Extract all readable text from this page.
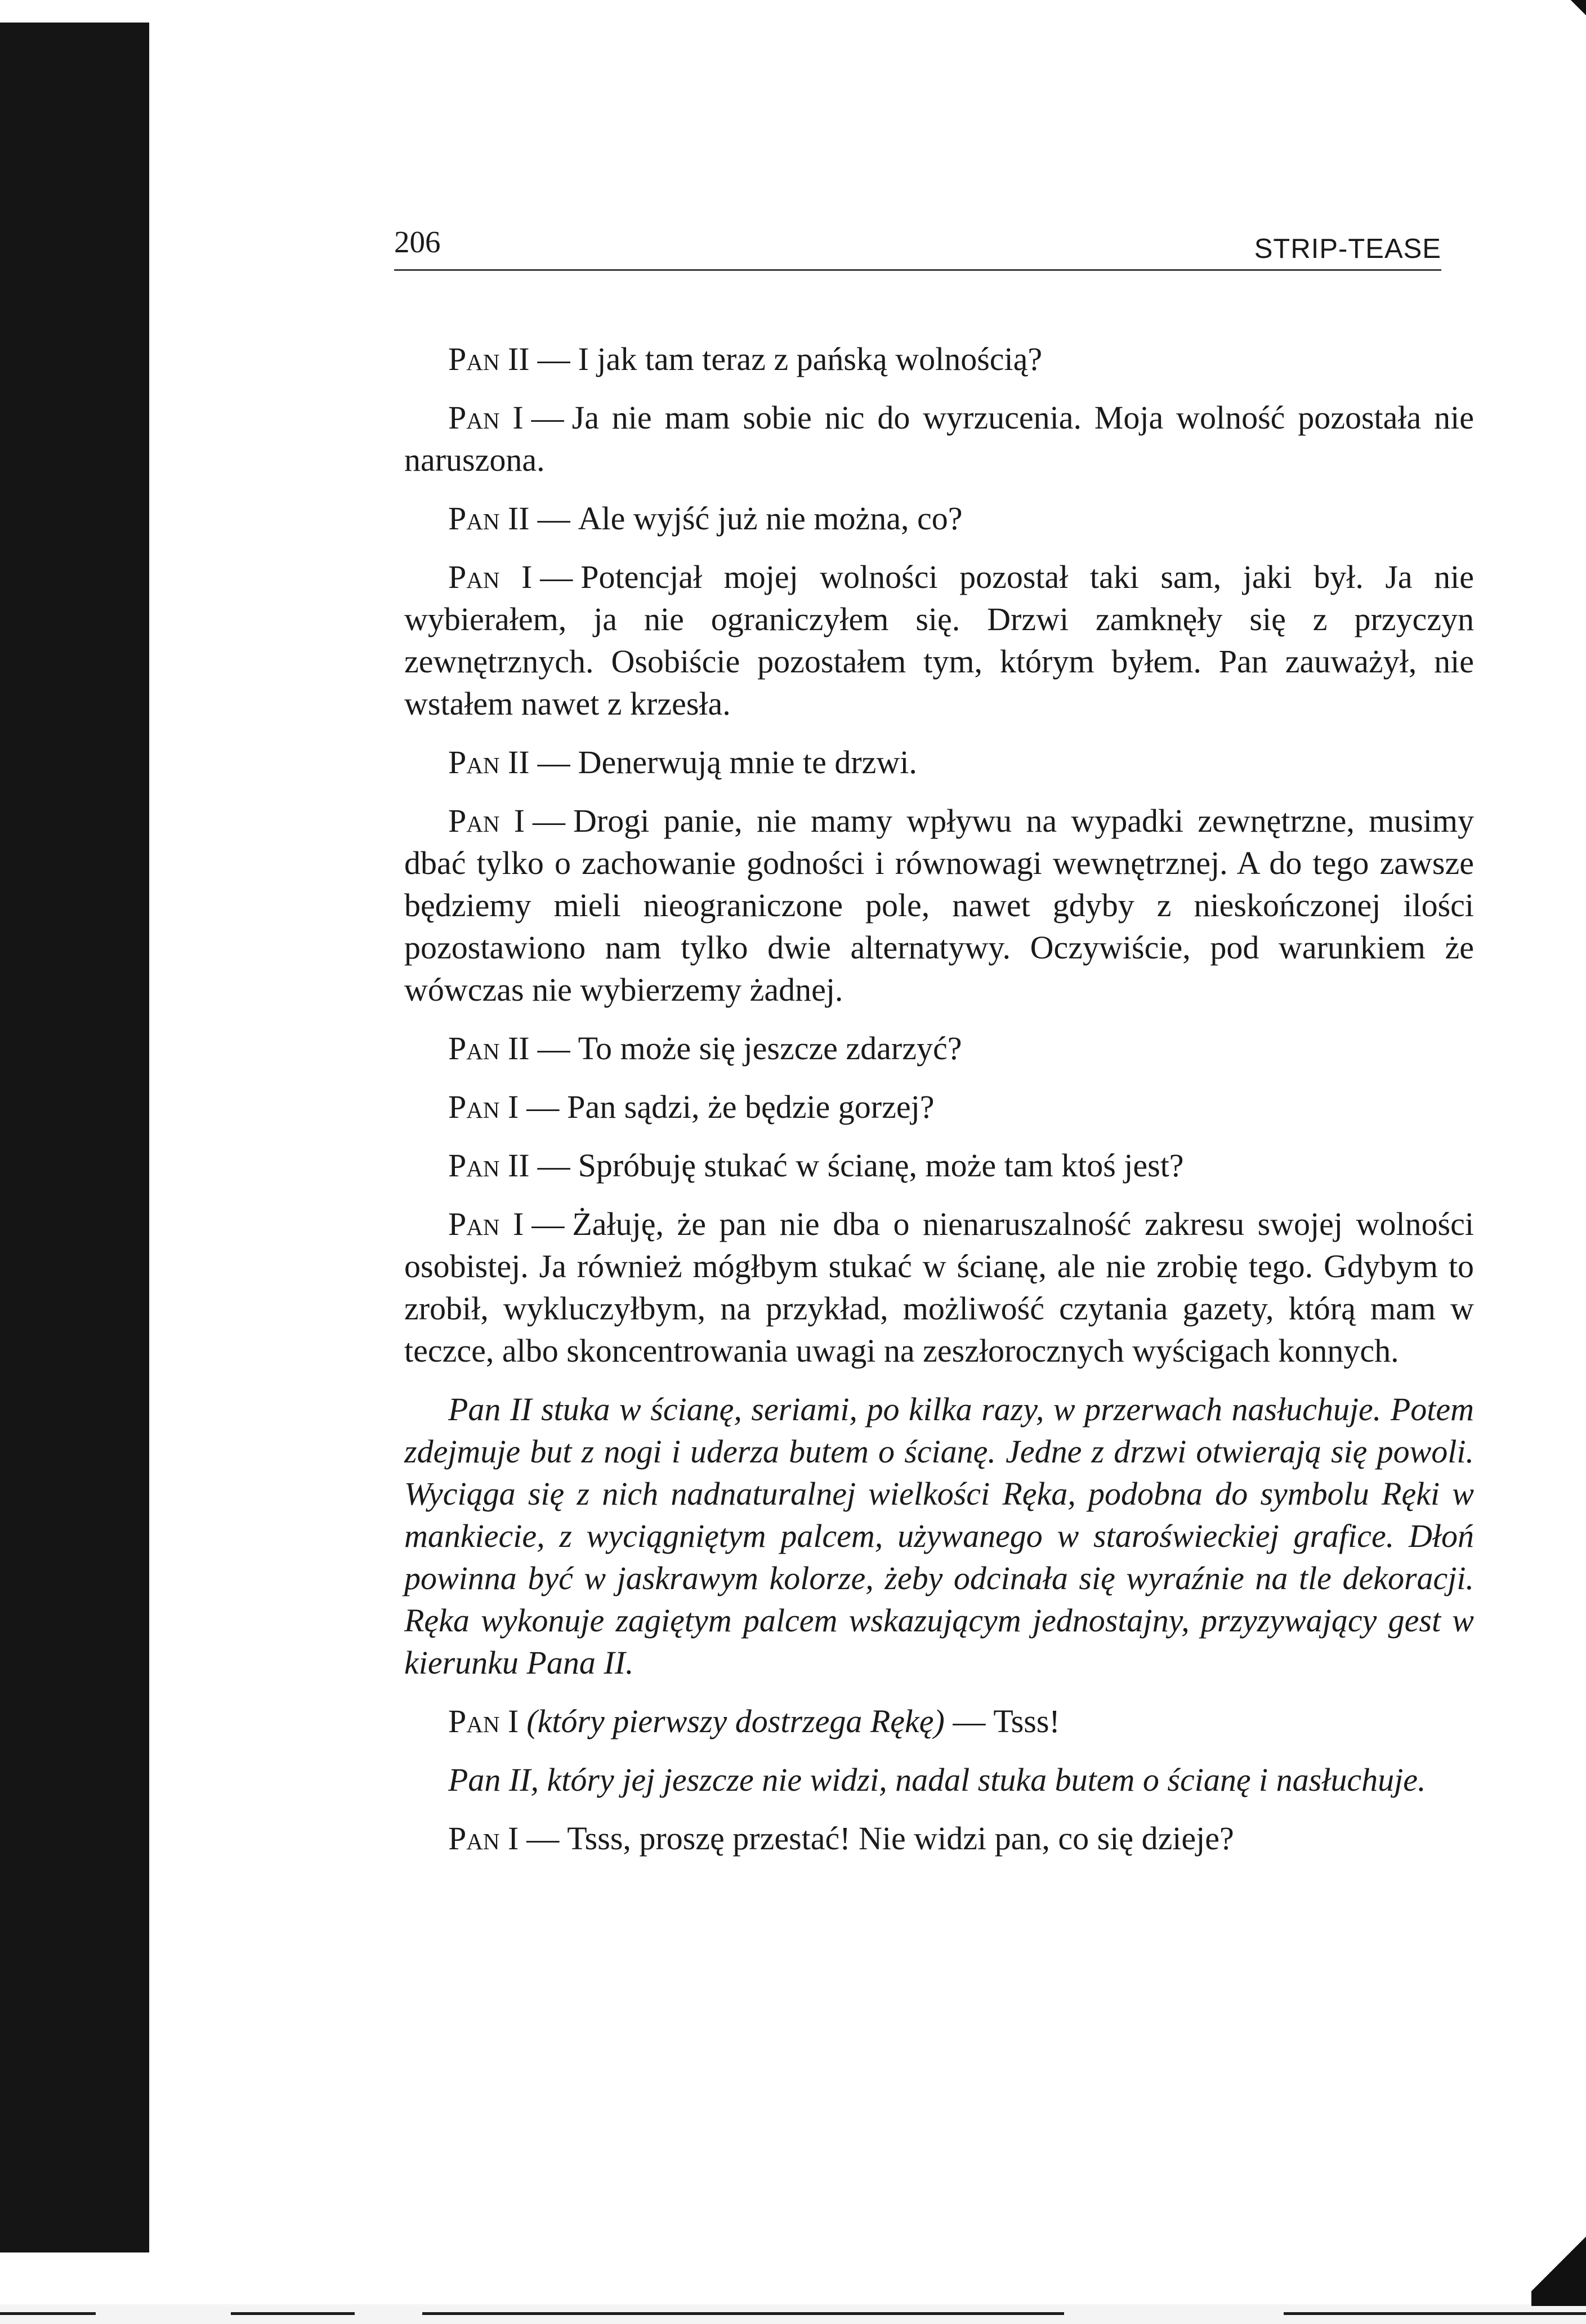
206	STRIP-TEASE

Pan II — I jak tam teraz z pańską wolnością?

Pan I — Ja nie mam sobie nic do wyrzucenia. Moja wolność pozostała nie naruszona.

Pan II — Ale wyjść już nie można, co?

Pan I — Potencjał mojej wolności pozostał taki sam, jaki był. Ja nie wybierałem, ja nie ograniczyłem się. Drzwi zamknęły się z przyczyn zewnętrznych. Osobiście pozostałem tym, którym byłem. Pan zauważył, nie wstałem nawet z krzesła.

Pan II — Denerwują mnie te drzwi.

Pan I — Drogi panie, nie mamy wpływu na wypadki zewnętrzne, musimy dbać tylko o zachowanie godności i równowagi wewnętrznej. A do tego zawsze będziemy mieli nieograniczone pole, nawet gdyby z nieskończonej ilości pozostawiono nam tylko dwie alternatywy. Oczywiście, pod warunkiem że wówczas nie wybierzemy żadnej.

Pan II — To może się jeszcze zdarzyć?

Pan I — Pan sądzi, że będzie gorzej?

Pan II — Spróbuję stukać w ścianę, może tam ktoś jest?

Pan I — Żałuję, że pan nie dba o nienaruszalność zakresu swojej wolności osobistej. Ja również mógłbym stukać w ścianę, ale nie zrobię tego. Gdybym to zrobił, wykluczyłbym, na przykład, możliwość czytania gazety, którą mam w teczce, albo skoncentrowania uwagi na zeszłorocznych wyścigach konnych.

Pan II stuka w ścianę, seriami, po kilka razy, w przerwach nasłuchuje. Potem zdejmuje but z nogi i uderza butem o ścianę. Jedne z drzwi otwierają się powoli. Wyciąga się z nich nadnaturalnej wielkości Ręka, podobna do symbolu Ręki w mankiecie, z wyciągniętym palcem, używanego w staroświeckiej grafice. Dłoń powinna być w jaskrawym kolorze, żeby odcinała się wyraźnie na tle dekoracji. Ręka wykonuje zagiętym palcem wskazującym jednostajny, przyzywający gest w kierunku Pana II.

Pan I (który pierwszy dostrzega Rękę) — Tsss!

Pan II, który jej jeszcze nie widzi, nadal stuka butem o ścianę i nasłuchuje.

Pan I — Tsss, proszę przestać! Nie widzi pan, co się dzieje?
